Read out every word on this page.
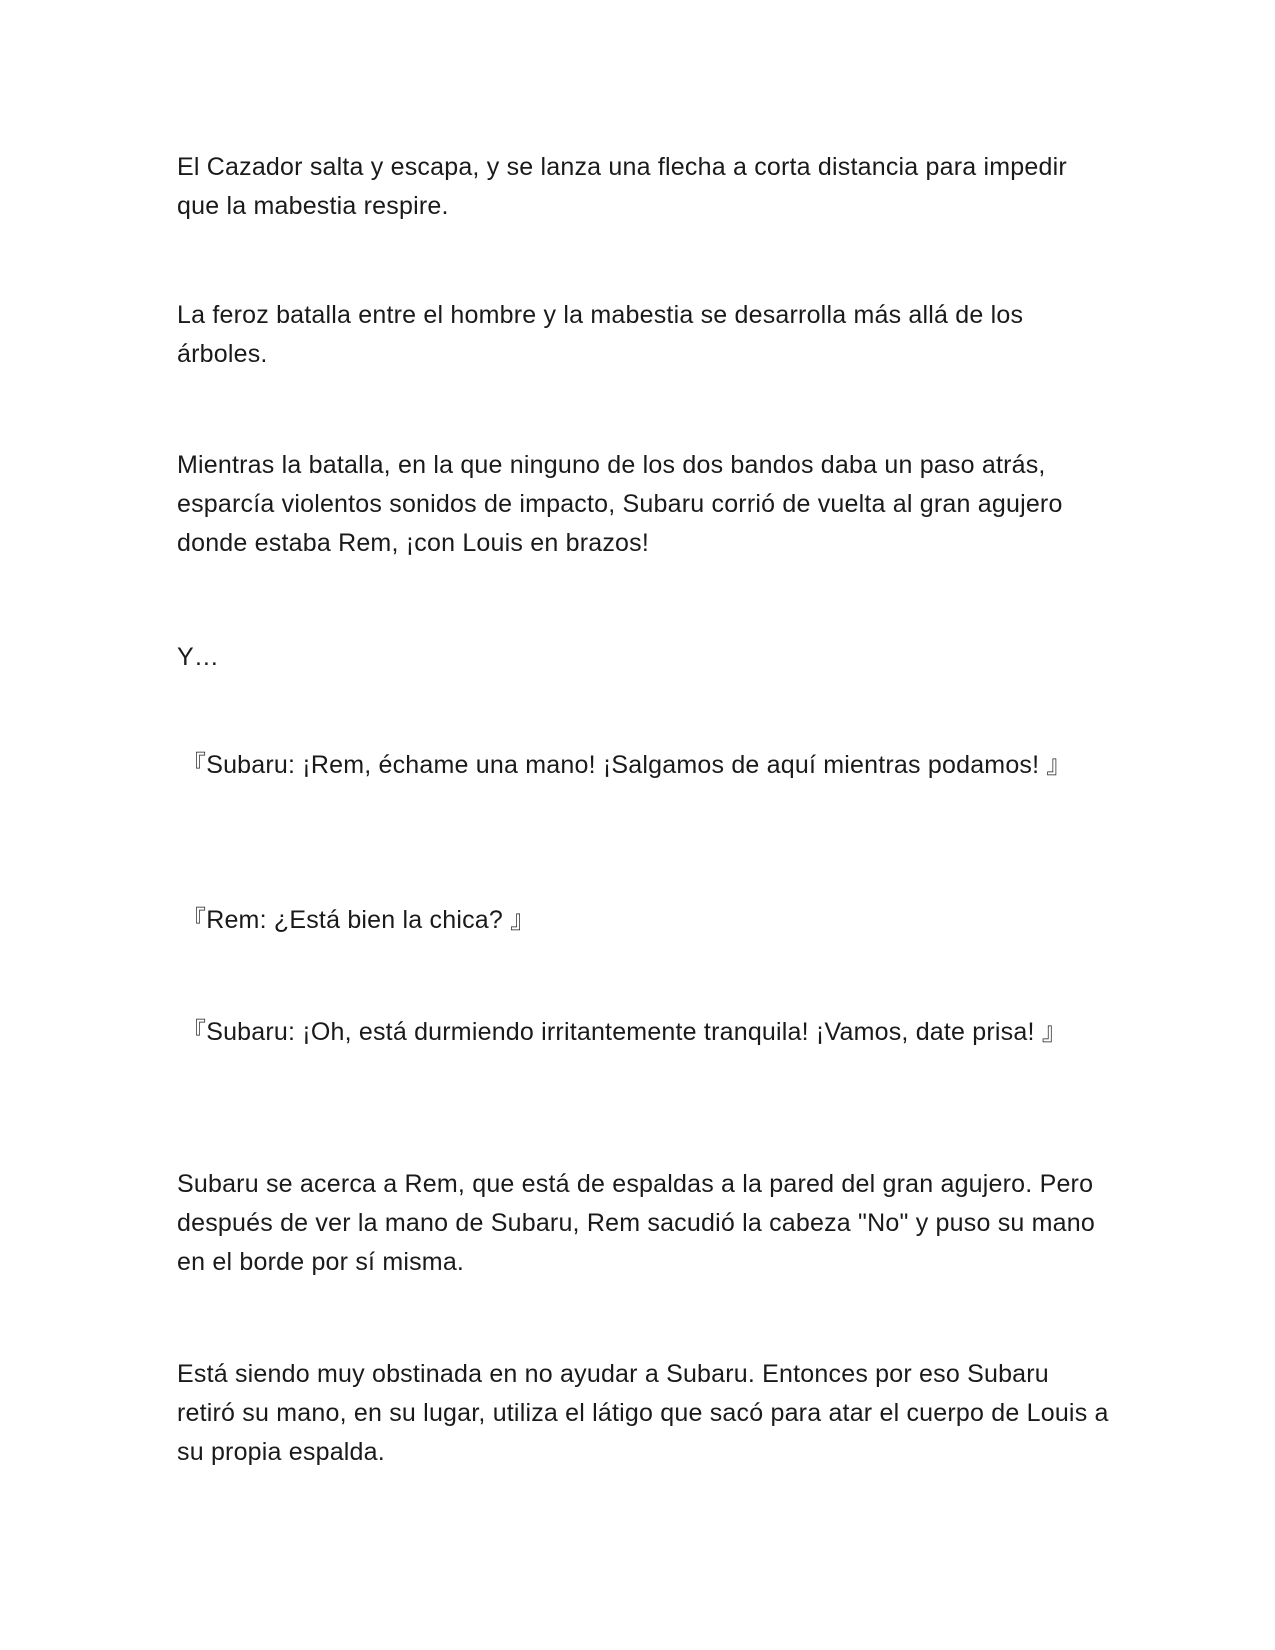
El Cazador salta y escapa, y se lanza una flecha a corta distancia para impedir que la mabestia respire.

La feroz batalla entre el hombre y la mabestia se desarrolla más allá de los árboles.

Mientras la batalla, en la que ninguno de los dos bandos daba un paso atrás, esparcía violentos sonidos de impacto, Subaru corrió de vuelta al gran agujero donde estaba Rem, ¡con Louis en brazos!

Y…

『Subaru: ¡Rem, échame una mano! ¡Salgamos de aquí mientras podamos! 』

『Rem: ¿Está bien la chica? 』

『Subaru: ¡Oh, está durmiendo irritantemente tranquila! ¡Vamos, date prisa! 』

Subaru se acerca a Rem, que está de espaldas a la pared del gran agujero. Pero después de ver la mano de Subaru, Rem sacudió la cabeza "No" y puso su mano en el borde por sí misma.

Está siendo muy obstinada en no ayudar a Subaru. Entonces por eso Subaru retiró su mano, en su lugar, utiliza el látigo que sacó para atar el cuerpo de Louis a su propia espalda.
